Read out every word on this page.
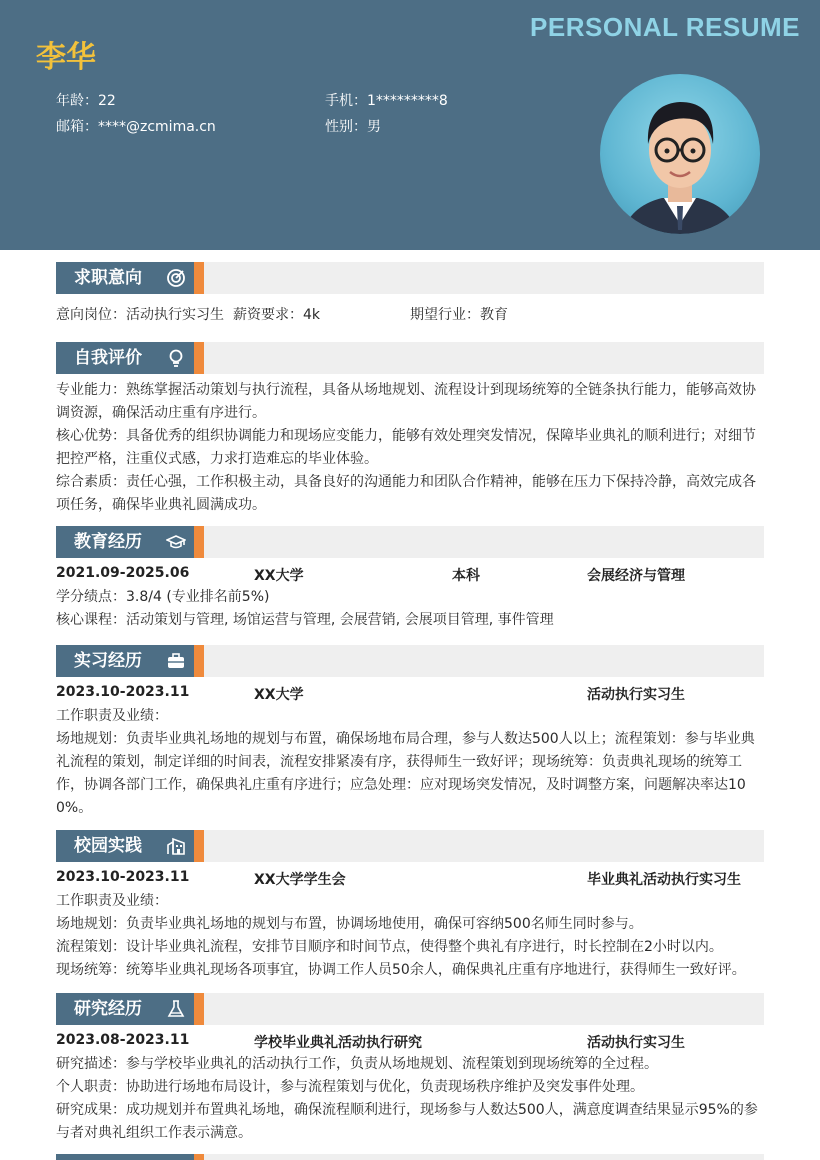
PERSONAL RESUME
李华
年龄：22	手机：1*********8
邮箱：****@zcmima.cn	性别：男
求职意向
意向岗位：活动执行实习生 薪资要求：4k	期望行业：教育
自我评价
专业能力：熟练掌握活动策划与执行流程，具备从场地规划、流程设计到现场统筹的全链条执行能力，能够高效协
调资源，确保活动庄重有序进行。
核心优势：具备优秀的组织协调能力和现场应变能力，能够有效处理突发情况，保障毕业典礼的顺利进行；对细节
把控严格，注重仪式感，力求打造难忘的毕业体验。
综合素质：责任心强，工作积极主动，具备良好的沟通能力和团队合作精神，能够在压力下保持冷静，高效完成各
项任务，确保毕业典礼圆满成功。
教育经历
2021.09-2025.06	XX大学	本科	会展经济与管理
学分绩点：3.8/4 (专业排名前5%)
核心课程：活动策划与管理, 场馆运营与管理, 会展营销, 会展项目管理, 事件管理
实习经历
2023.10-2023.11	XX大学	活动执行实习生
工作职责及业绩：
场地规划：负责毕业典礼场地的规划与布置，确保场地布局合理，参与人数达500人以上；流程策划：参与毕业典
礼流程的策划，制定详细的时间表，流程安排紧凑有序，获得师生一致好评；现场统筹：负责典礼现场的统筹工
作，协调各部门工作，确保典礼庄重有序进行；应急处理：应对现场突发情况，及时调整方案，问题解决率达10
0%。
校园实践
2023.10-2023.11	XX大学学生会	毕业典礼活动执行实习生
工作职责及业绩：
场地规划：负责毕业典礼场地的规划与布置，协调场地使用，确保可容纳500名师生同时参与。
流程策划：设计毕业典礼流程，安排节目顺序和时间节点，使得整个典礼有序进行，时长控制在2小时以内。
现场统筹：统筹毕业典礼现场各项事宜，协调工作人员50余人，确保典礼庄重有序地进行，获得师生一致好评。
研究经历
2023.08-2023.11	学校毕业典礼活动执行研究	活动执行实习生
研究描述：参与学校毕业典礼的活动执行工作，负责从场地规划、流程策划到现场统筹的全过程。
个人职责：协助进行场地布局设计，参与流程策划与优化，负责现场秩序维护及突发事件处理。
研究成果：成功规划并布置典礼场地，确保流程顺利进行，现场参与人数达500人，满意度调查结果显示95%的参
与者对典礼组织工作表示满意。
